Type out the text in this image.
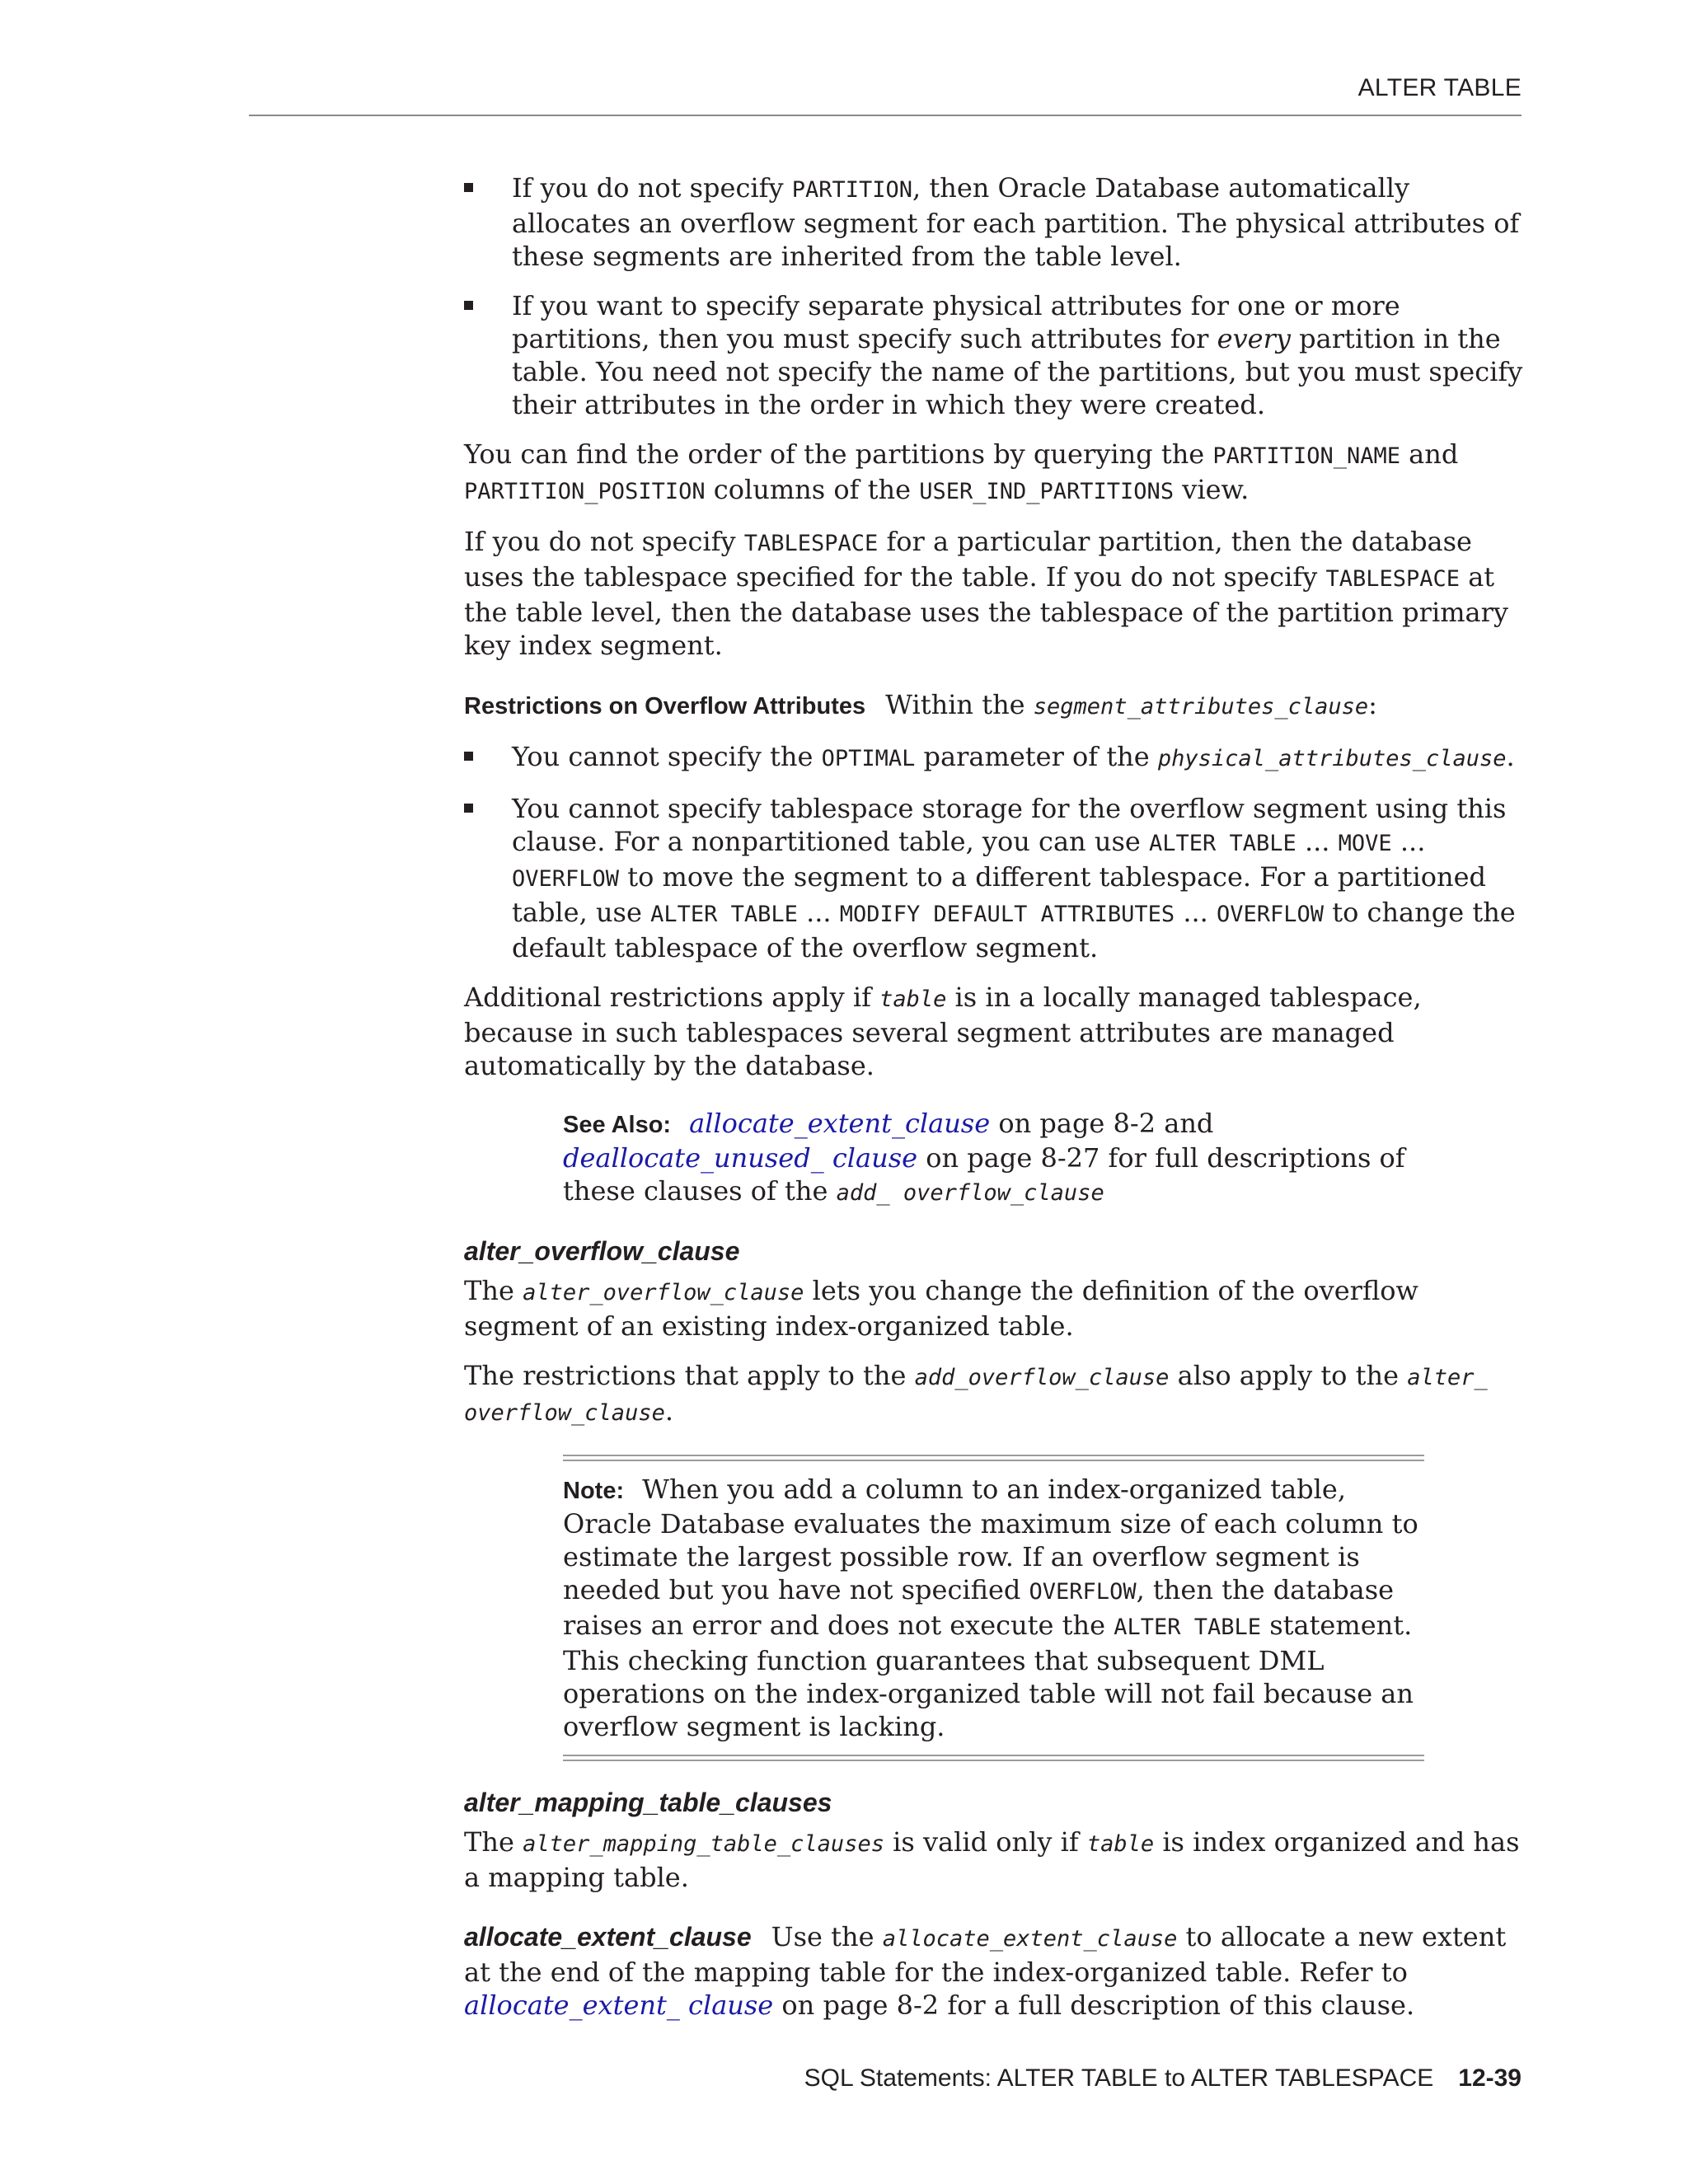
ALTER TABLE

If you do not specify PARTITION, then Oracle Database automatically allocates an overflow segment for each partition. The physical attributes of these segments are inherited from the table level.

If you want to specify separate physical attributes for one or more partitions, then you must specify such attributes for every partition in the table. You need not specify the name of the partitions, but you must specify their attributes in the order in which they were created.

You can find the order of the partitions by querying the PARTITION_NAME and PARTITION_POSITION columns of the USER_IND_PARTITIONS view.

If you do not specify TABLESPACE for a particular partition, then the database uses the tablespace specified for the table. If you do not specify TABLESPACE at the table level, then the database uses the tablespace of the partition primary key index segment.

Restrictions on Overflow Attributes Within the segment_attributes_clause:

You cannot specify the OPTIMAL parameter of the physical_attributes_clause.

You cannot specify tablespace storage for the overflow segment using this clause. For a nonpartitioned table, you can use ALTER TABLE ... MOVE ... OVERFLOW to move the segment to a different tablespace. For a partitioned table, use ALTER TABLE ... MODIFY DEFAULT ATTRIBUTES ... OVERFLOW to change the default tablespace of the overflow segment.

Additional restrictions apply if table is in a locally managed tablespace, because in such tablespaces several segment attributes are managed automatically by the database.

See Also: allocate_extent_clause on page 8-2 and deallocate_unused_ clause on page 8-27 for full descriptions of these clauses of the add_ overflow_clause

alter_overflow_clause

The alter_overflow_clause lets you change the definition of the overflow segment of an existing index-organized table.

The restrictions that apply to the add_overflow_clause also apply to the alter_ overflow_clause.

Note: When you add a column to an index-organized table, Oracle Database evaluates the maximum size of each column to estimate the largest possible row. If an overflow segment is needed but you have not specified OVERFLOW, then the database raises an error and does not execute the ALTER TABLE statement. This checking function guarantees that subsequent DML operations on the index-organized table will not fail because an overflow segment is lacking.

alter_mapping_table_clauses

The alter_mapping_table_clauses is valid only if table is index organized and has a mapping table.

allocate_extent_clause Use the allocate_extent_clause to allocate a new extent at the end of the mapping table for the index-organized table. Refer to allocate_extent_ clause on page 8-2 for a full description of this clause.

SQL Statements: ALTER TABLE to ALTER TABLESPACE 12-39
